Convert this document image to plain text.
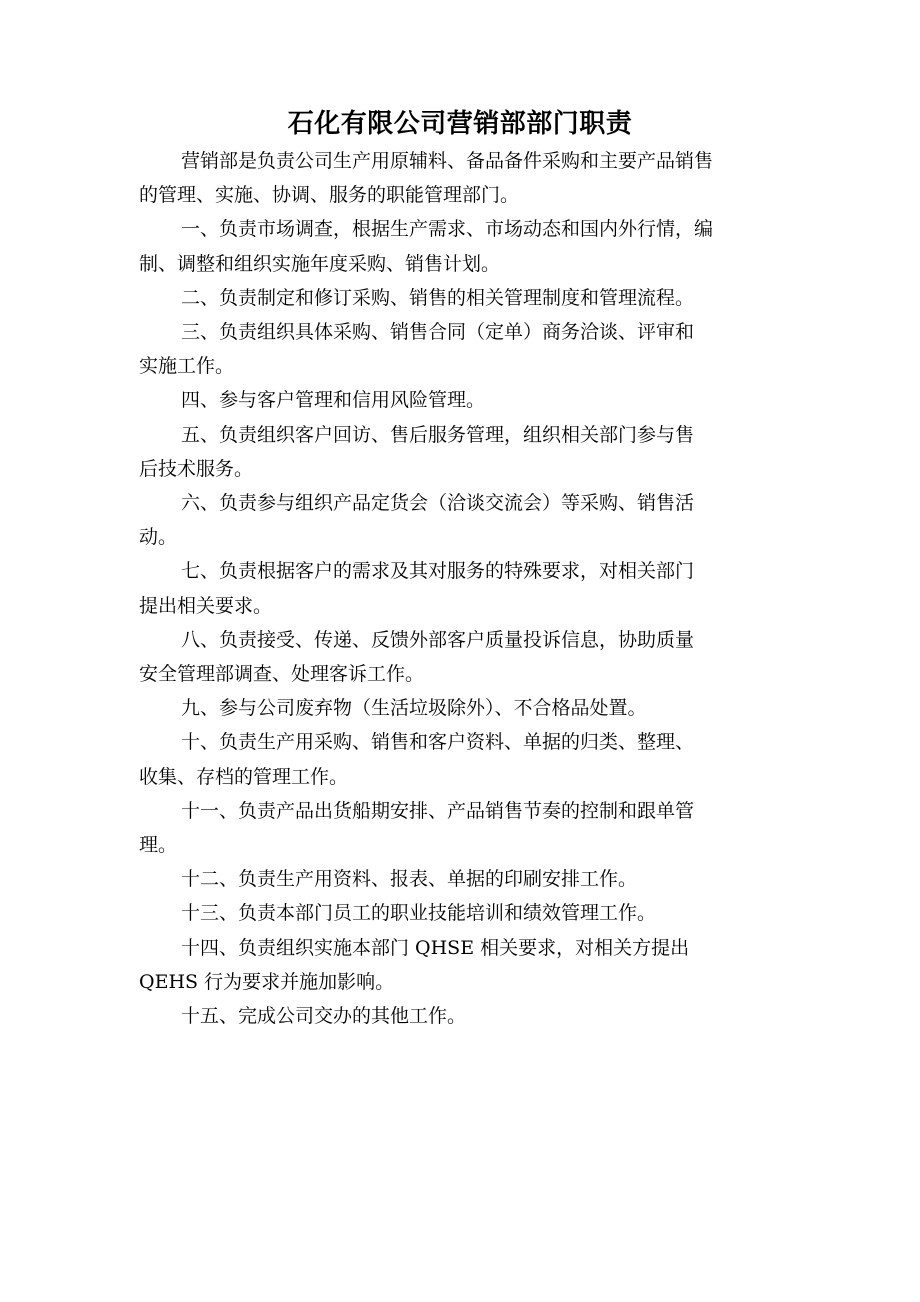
石化有限公司营销部部门职责

营销部是负责公司生产用原辅料、备品备件采购和主要产品销售
的管理、实施、协调、服务的职能管理部门。

一、负责市场调查，根据生产需求、市场动态和国内外行情，编
制、调整和组织实施年度采购、销售计划。

二、负责制定和修订采购、销售的相关管理制度和管理流程。

三、负责组织具体采购、销售合同（定单）商务洽谈、评审和
实施工作。

四、参与客户管理和信用风险管理。

五、负责组织客户回访、售后服务管理，组织相关部门参与售
后技术服务。

六、负责参与组织产品定货会（洽谈交流会）等采购、销售活
动。

七、负责根据客户的需求及其对服务的特殊要求，对相关部门
提出相关要求。

八、负责接受、传递、反馈外部客户质量投诉信息，协助质量
安全管理部调查、处理客诉工作。

九、参与公司废弃物（生活垃圾除外）、不合格品处置。

十、负责生产用采购、销售和客户资料、单据的归类、整理、
收集、存档的管理工作。

十一、负责产品出货船期安排、产品销售节奏的控制和跟单管
理。

十二、负责生产用资料、报表、单据的印刷安排工作。

十三、负责本部门员工的职业技能培训和绩效管理工作。

十四、负责组织实施本部门 QHSE 相关要求，对相关方提出
QEHS 行为要求并施加影响。

十五、完成公司交办的其他工作。
